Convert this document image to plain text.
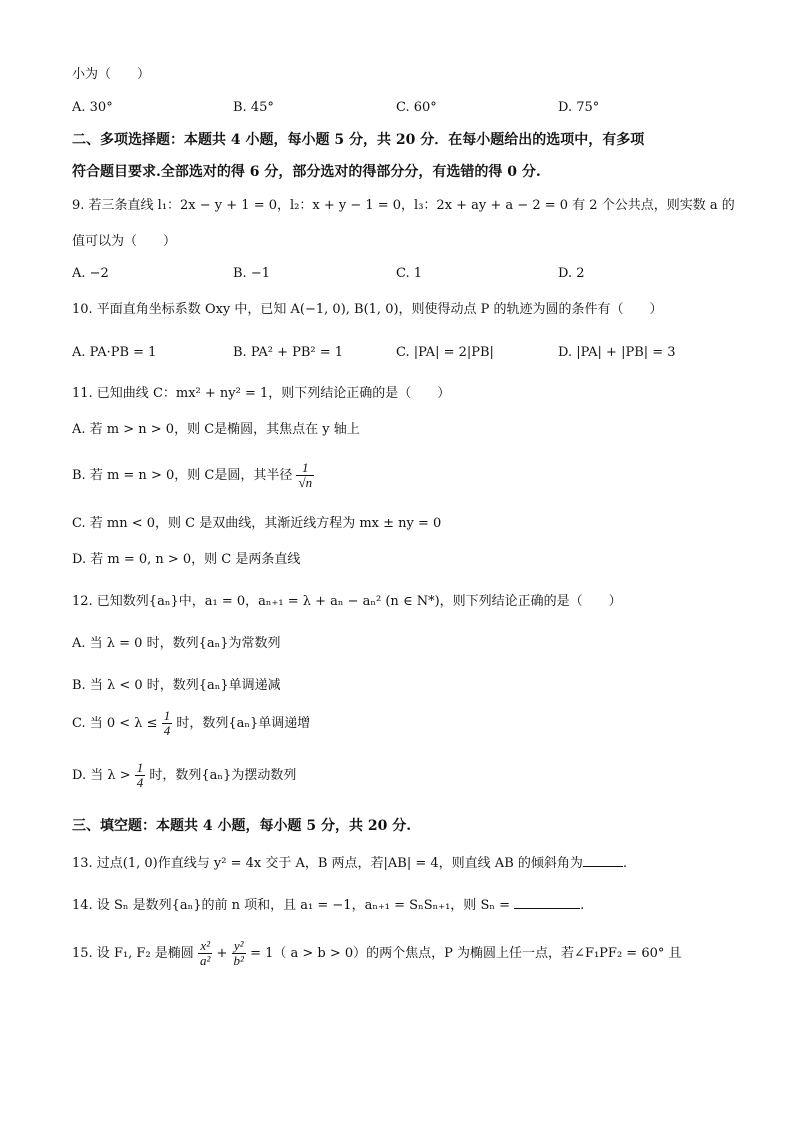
小为（　　）
A. 30°	B. 45°	C. 60°	D. 75°
二、多项选择题：本题共 4 小题，每小题 5 分，共 20 分．在每小题给出的选项中，有多项
符合题目要求.全部选对的得 6 分，部分选对的得部分分，有选错的得 0 分.
9. 若三条直线 l₁：2x − y + 1 = 0，l₂：x + y − 1 = 0，l₃：2x + ay + a − 2 = 0 有 2 个公共点，则实数 a 的
值可以为（　　）
A. −2	B. −1	C. 1	D. 2
10. 平面直角坐标系数 Oxy 中，已知 A(−1, 0), B(1, 0)，则使得动点 P 的轨迹为圆的条件有（　　）
A. PA·PB = 1	B. PA² + PB² = 1	C. |PA| = 2|PB|	D. |PA| + |PB| = 3
11. 已知曲线 C：mx² + ny² = 1，则下列结论正确的是（　　）
A. 若 m > n > 0，则 C是椭圆，其焦点在 y 轴上
B. 若 m = n > 0，则 C是圆，其半径 $\frac{1}{√n}$
C. 若 mn < 0，则 C 是双曲线，其渐近线方程为 mx ± ny = 0
D. 若 m = 0, n > 0，则 C 是两条直线
12. 已知数列{aₙ}中，a₁ = 0，aₙ₊₁ = λ + aₙ − aₙ² (n ∈ N*)，则下列结论正确的是（　　）
A. 当 λ = 0 时，数列{aₙ}为常数列
B. 当 λ < 0 时，数列{aₙ}单调递减
C. 当 $0 < \lambda \le \frac{1}{4}$ 时，数列{aₙ}单调递增
D. 当 $\lambda > \frac{1}{4}$ 时，数列{aₙ}为摆动数列
三、填空题：本题共 4 小题，每小题 5 分，共 20 分.
13. 过点(1, 0)作直线与 y² = 4x 交于 A，B 两点，若|AB| = 4，则直线 AB 的倾斜角为	.
14. 设 Sₙ 是数列{aₙ}的前 n 项和，且 a₁ = −1，aₙ₊₁ = SₙSₙ₊₁，则 Sₙ =	.
15. 设 F₁, F₂ 是椭圆 $\frac{\text{x²}}{\text{a²}} + \frac{\text{y²}}{\text{b²}} = 1$（ a > b > 0）的两个焦点，P 为椭圆上任一点，若∠F₁PF₂ = 60° 且
